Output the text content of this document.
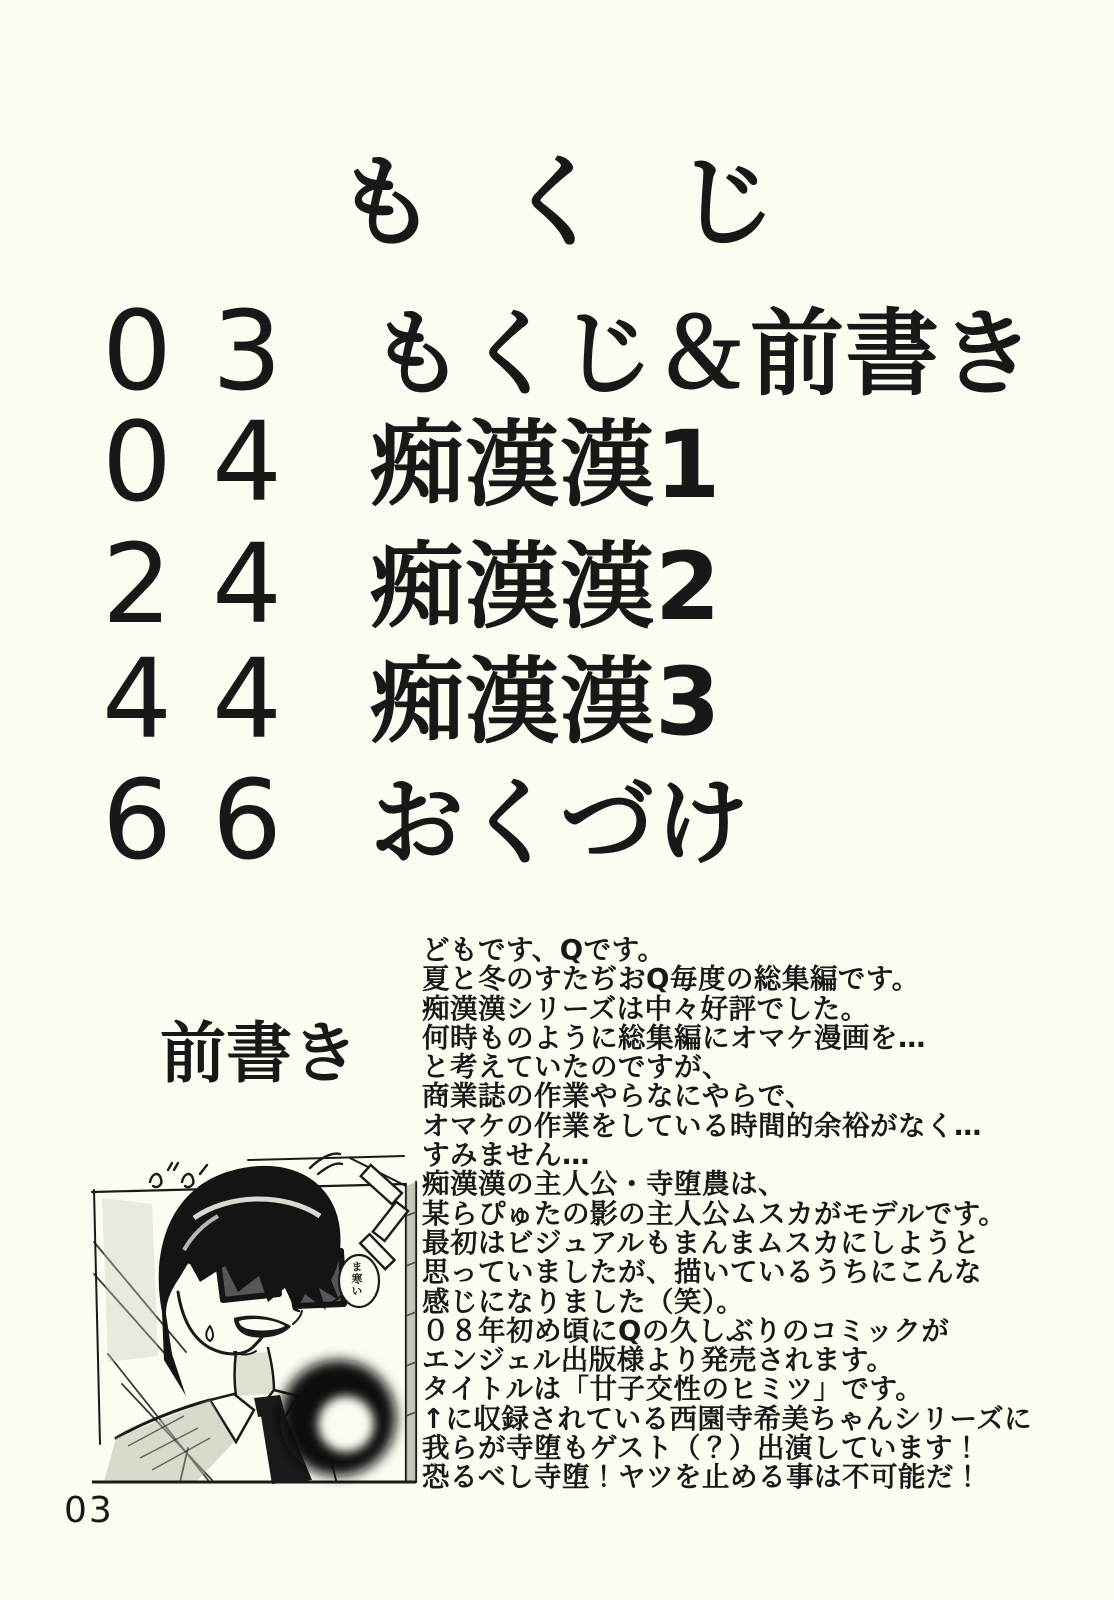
もくじ
03 もくじ＆前書き
04 痴漢漢1
24 痴漢漢2
44 痴漢漢3
66 おくづけ
前書き
どもです、Qです。
夏と冬のすたぢおQ毎度の総集編です。
痴漢漢シリーズは中々好評でした。
何時ものように総集編にオマケ漫画を…
と考えていたのですが、
商業誌の作業やらなにやらで、
オマケの作業をしている時間的余裕がなく…
すみません…
痴漢漢の主人公・寺堕農は、
某らぴゅたの影の主人公ムスカがモデルです。
最初はビジュアルもまんまムスカにしようと
思っていましたが、描いているうちにこんな
感じになりました（笑）。
０８年初め頃にQの久しぶりのコミックが
エンジェル出版様より発売されます。
タイトルは「廿子交性のヒミツ」です。
↑に収録されている西園寺希美ちゃんシリーズに
我らが寺堕もゲスト（？）出演しています！
恐るべし寺堕！ヤツを止める事は不可能だ！
ま寒い
03
